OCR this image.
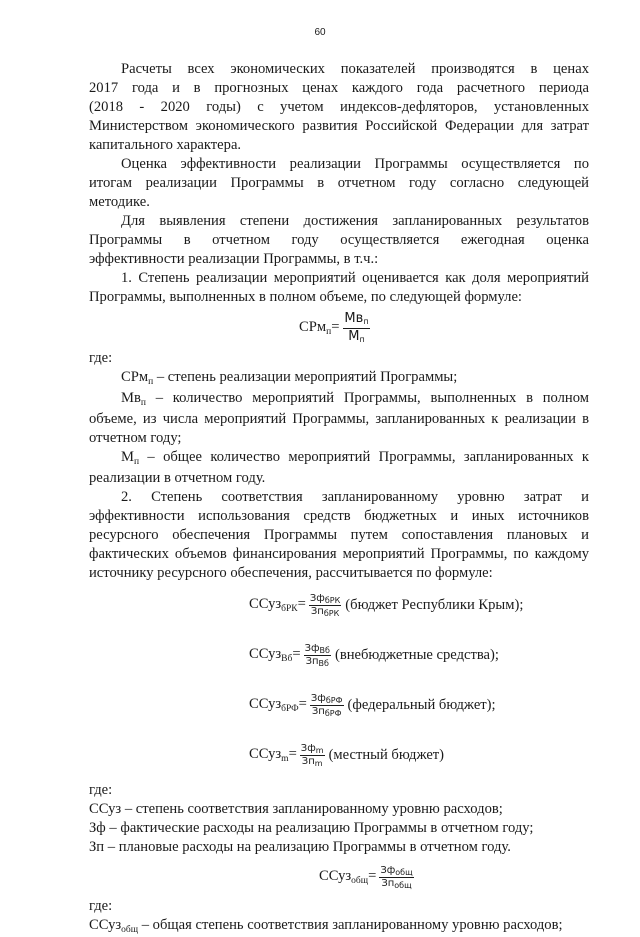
60

Расчеты всех экономических показателей производятся в ценах

2017 года и в прогнозных ценах каждого года расчетного периода

(2018 - 2020 годы) с учетом индексов-дефляторов, установленных

Министерством экономического развития Российской Федерации для затрат

капитального характера.

Оценка эффективности реализации Программы осуществляется по

итогам реализации Программы в отчетном году согласно следующей

методике.

Для выявления степени достижения запланированных результатов

Программы в отчетном году осуществляется ежегодная оценка

эффективности реализации Программы, в т.ч.:

1. Степень реализации мероприятий оценивается как доля мероприятий

Программы, выполненных в полном объеме, по следующей формуле:

$СРм_п= \frac{\text{Мвп}}{Мп}$

где:

СРм$_п$ – степень реализации мероприятий Программы;

$Мв_п$ – количество мероприятий Программы, выполненных в полном

объеме, из числа мероприятий Программы, запланированных к реализации в

отчетном году;

$М_п$ – общее количество мероприятий Программы, запланированных к

реализации в отчетном году.

2. Степень соответствия запланированному уровню затрат и

эффективности использования средств бюджетных и иных источников

ресурсного обеспечения Программы путем сопоставления плановых и

фактических объемов финансирования мероприятий Программы, по каждому

источнику ресурсного обеспечения, рассчитывается по формуле:

ССуз$_{бРК}$= $\frac{Зф_{бРК}}{Зп_{бРК}}$ (бюджет Республики Крым);
ССуз$_{Вб}$= $\frac{Зф_{Вб}}{Зп_{Вб}}$ (внебюджетные средства);
ССуз$_{бРФ}$= $\frac{Зф_{бРФ}}{Зп_{бРФ}}$ (федеральный бюджет);
ССуз$_m$= $\frac{Зф_m}{Зп_m}$ (местный бюджет)

где:

ССуз – степень соответствия запланированному уровню расходов;

Зф – фактические расходы на реализацию Программы в отчетном году;

Зп – плановые расходы на реализацию Программы в отчетном году.

ССуз$_{общ}$= $\frac{Зф_{общ}}{Зп_{общ}}$

где:

ССуз$_{общ}$ – общая степень соответствия запланированному уровню расходов;
